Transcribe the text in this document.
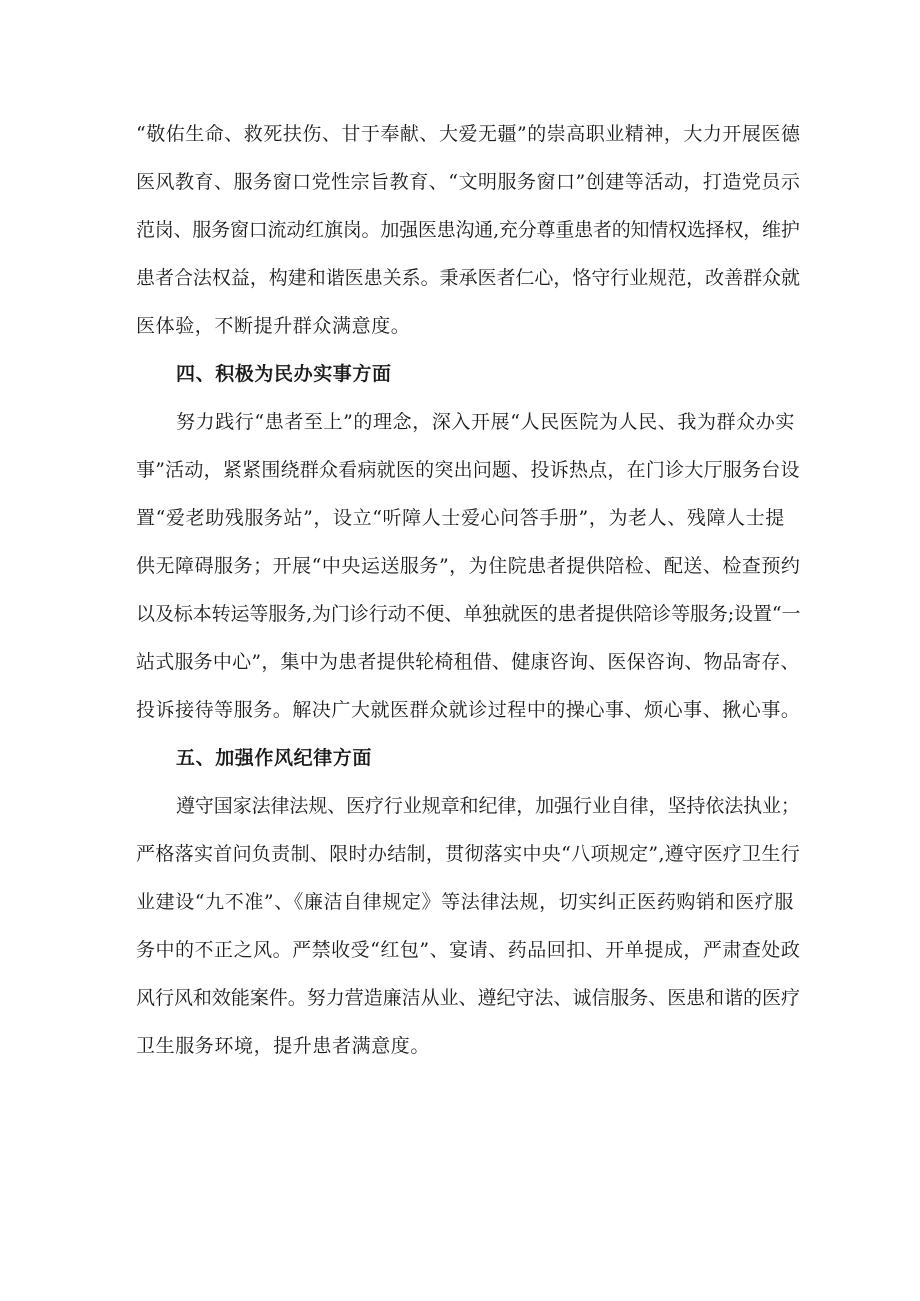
“敬佑生命、救死扶伤、甘于奉献、大爱无疆”的崇高职业精神，大力开展医德
医风教育、服务窗口党性宗旨教育、“文明服务窗口”创建等活动，打造党员示
范岗、服务窗口流动红旗岗。加强医患沟通,充分尊重患者的知情权选择权，维护
患者合法权益，构建和谐医患关系。秉承医者仁心，恪守行业规范，改善群众就
医体验，不断提升群众满意度。
四、积极为民办实事方面
努力践行“患者至上”的理念，深入开展“人民医院为人民、我为群众办实
事”活动，紧紧围绕群众看病就医的突出问题、投诉热点，在门诊大厅服务台设
置“爱老助残服务站”，设立“听障人士爱心问答手册”，为老人、残障人士提
供无障碍服务；开展“中央运送服务”，为住院患者提供陪检、配送、检查预约
以及标本转运等服务,为门诊行动不便、单独就医的患者提供陪诊等服务;设置“一
站式服务中心”，集中为患者提供轮椅租借、健康咨询、医保咨询、物品寄存、
投诉接待等服务。解决广大就医群众就诊过程中的操心事、烦心事、揪心事。
五、加强作风纪律方面
遵守国家法律法规、医疗行业规章和纪律，加强行业自律，坚持依法执业；
严格落实首问负责制、限时办结制，贯彻落实中央“八项规定”,遵守医疗卫生行
业建设“九不准”、《廉洁自律规定》等法律法规，切实纠正医药购销和医疗服
务中的不正之风。严禁收受“红包”、宴请、药品回扣、开单提成，严肃查处政
风行风和效能案件。努力营造廉洁从业、遵纪守法、诚信服务、医患和谐的医疗
卫生服务环境，提升患者满意度。
